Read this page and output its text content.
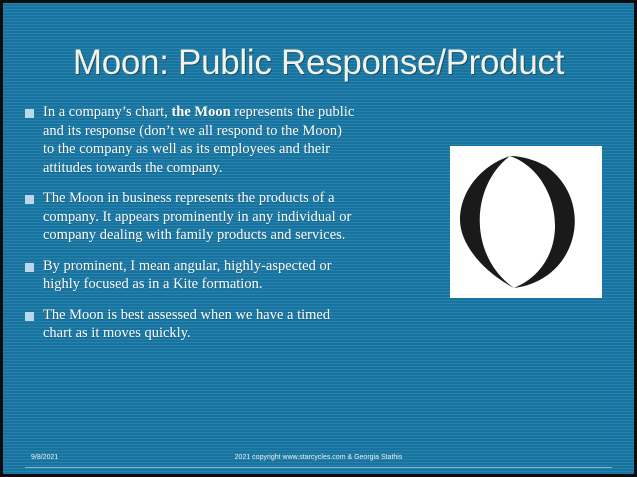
Moon: Public Response/Product
In a company’s chart, the Moon represents the public and its response (don’t we all respond to the Moon) to the company as well as its employees and their attitudes towards the company.
The Moon in business represents the products of a company. It appears prominently in any individual or company dealing with family products and services.
By prominent, I mean angular, highly-aspected or highly focused as in a Kite formation.
The Moon is best assessed when we have a timed chart as it moves quickly.
9/8/2021	2021 copyright www.starcycles.com & Georgia Stathis
